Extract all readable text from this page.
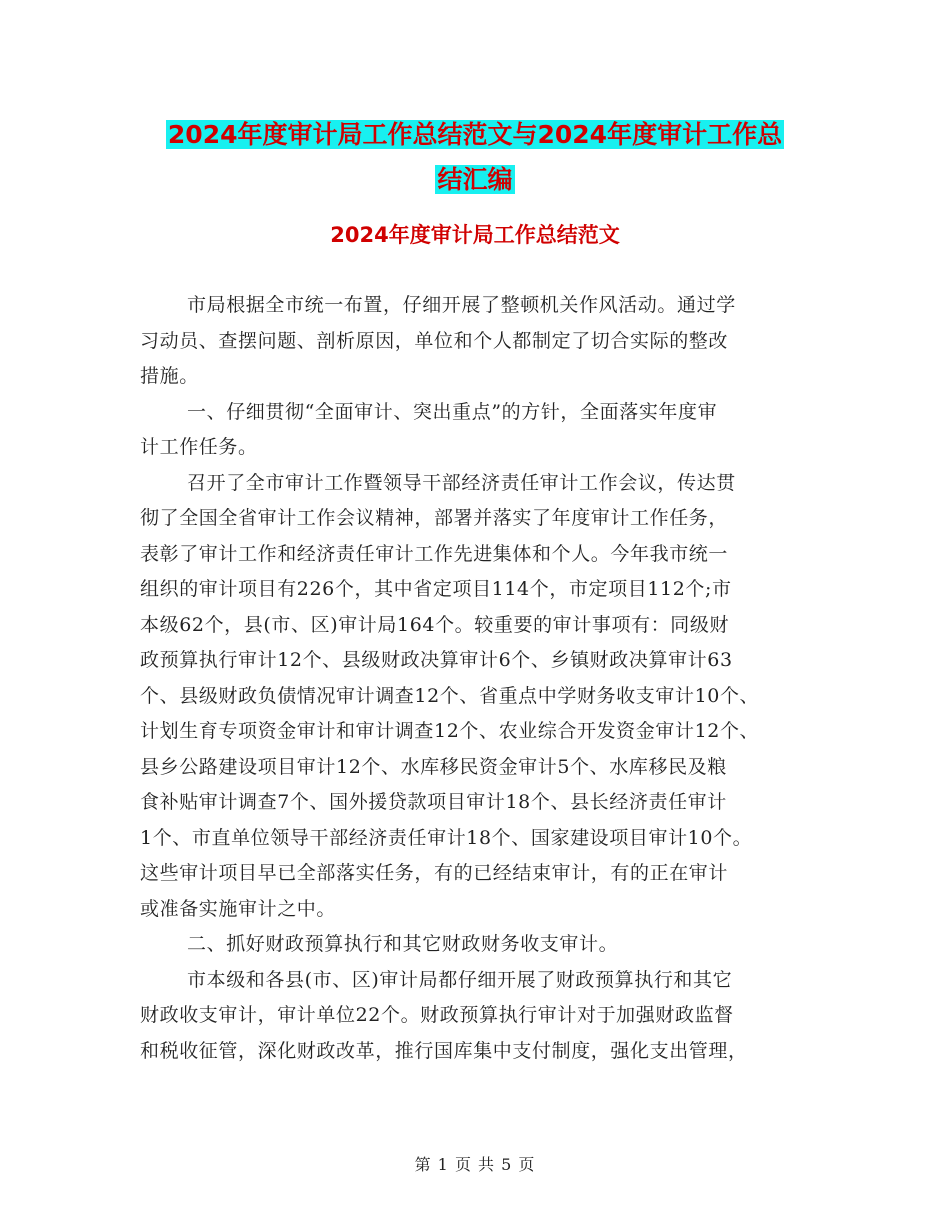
2024年度审计局工作总结范文与2024年度审计工作总
结汇编
2024年度审计局工作总结范文
市局根据全市统一布置，仔细开展了整顿机关作风活动。通过学
习动员、查摆问题、剖析原因，单位和个人都制定了切合实际的整改
措施。
一、仔细贯彻“全面审计、突出重点”的方针，全面落实年度审
计工作任务。
召开了全市审计工作暨领导干部经济责任审计工作会议，传达贯
彻了全国全省审计工作会议精神，部署并落实了年度审计工作任务，
表彰了审计工作和经济责任审计工作先进集体和个人。今年我市统一
组织的审计项目有226个，其中省定项目114个，市定项目112个;市
本级62个，县(市、区)审计局164个。较重要的审计事项有：同级财
政预算执行审计12个、县级财政决算审计6个、乡镇财政决算审计63
个、县级财政负债情况审计调查12个、省重点中学财务收支审计10个、
计划生育专项资金审计和审计调查12个、农业综合开发资金审计12个、
县乡公路建设项目审计12个、水库移民资金审计5个、水库移民及粮
食补贴审计调查7个、国外援贷款项目审计18个、县长经济责任审计
1个、市直单位领导干部经济责任审计18个、国家建设项目审计10个。
这些审计项目早已全部落实任务，有的已经结束审计，有的正在审计
或准备实施审计之中。
二、抓好财政预算执行和其它财政财务收支审计。
市本级和各县(市、区)审计局都仔细开展了财政预算执行和其它
财政收支审计，审计单位22个。财政预算执行审计对于加强财政监督
和税收征管，深化财政改革，推行国库集中支付制度，强化支出管理，
第 1 页 共 5 页
